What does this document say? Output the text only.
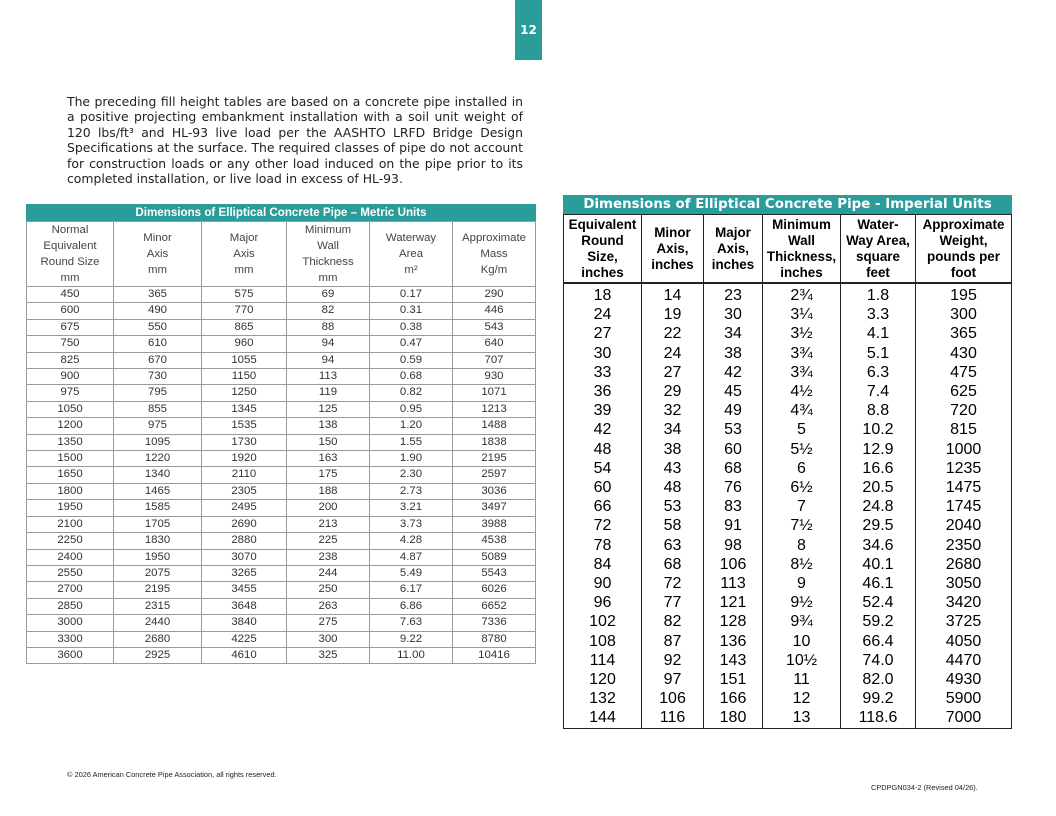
12

The preceding fill height tables are based on a concrete pipe installed in a positive projecting embankment installation with a soil unit weight of 120 lbs/ft³ and HL-93 live load per the AASHTO LRFD Bridge Design Specifications at the surface. The required classes of pipe do not account for construction loads or any other load induced on the pipe prior to its completed installation, or live load in excess of HL-93.

Dimensions of Elliptical Concrete Pipe – Metric Units
Normal
Equivalent
Round Size
mm	Minor
Axis
mm	Major
Axis
mm	Minimum
Wall
Thickness
mm	Waterway
Area
m²	Approximate
Mass
Kg/m

450	365	575	69	0.17	290
600	490	770	82	0.31	446
675	550	865	88	0.38	543
750	610	960	94	0.47	640
825	670	1055	94	0.59	707
900	730	1150	113	0.68	930
975	795	1250	119	0.82	1071
1050	855	1345	125	0.95	1213
1200	975	1535	138	1.20	1488
1350	1095	1730	150	1.55	1838
1500	1220	1920	163	1.90	2195
1650	1340	2110	175	2.30	2597
1800	1465	2305	188	2.73	3036
1950	1585	2495	200	3.21	3497
2100	1705	2690	213	3.73	3988
2250	1830	2880	225	4.28	4538
2400	1950	3070	238	4.87	5089
2550	2075	3265	244	5.49	5543
2700	2195	3455	250	6.17	6026
2850	2315	3648	263	6.86	6652
3000	2440	3840	275	7.63	7336
3300	2680	4225	300	9.22	8780
3600	2925	4610	325	11.00	10416
Dimensions of Elliptical Concrete Pipe - Imperial Units
Equivalent
Round
Size,
inches	Minor
Axis,
inches	Major
Axis,
inches	Minimum
Wall
Thickness,
inches	Water-
Way Area,
square
feet	Approximate
Weight,
pounds per
foot

18	14	23	2¾	1.8	195
24	19	30	3¼	3.3	300
27	22	34	3½	4.1	365
30	24	38	3¾	5.1	430
33	27	42	3¾	6.3	475
36	29	45	4½	7.4	625
39	32	49	4¾	8.8	720
42	34	53	5	10.2	815
48	38	60	5½	12.9	1000
54	43	68	6	16.6	1235
60	48	76	6½	20.5	1475
66	53	83	7	24.8	1745
72	58	91	7½	29.5	2040
78	63	98	8	34.6	2350
84	68	106	8½	40.1	2680
90	72	113	9	46.1	3050
96	77	121	9½	52.4	3420
102	82	128	9¾	59.2	3725
108	87	136	10	66.4	4050
114	92	143	10½	74.0	4470
120	97	151	11	82.0	4930
132	106	166	12	99.2	5900
144	116	180	13	118.6	7000
© 2026 American Concrete Pipe Association, all rights reserved.
CPDPGN034-2 (Revised 04/26).
